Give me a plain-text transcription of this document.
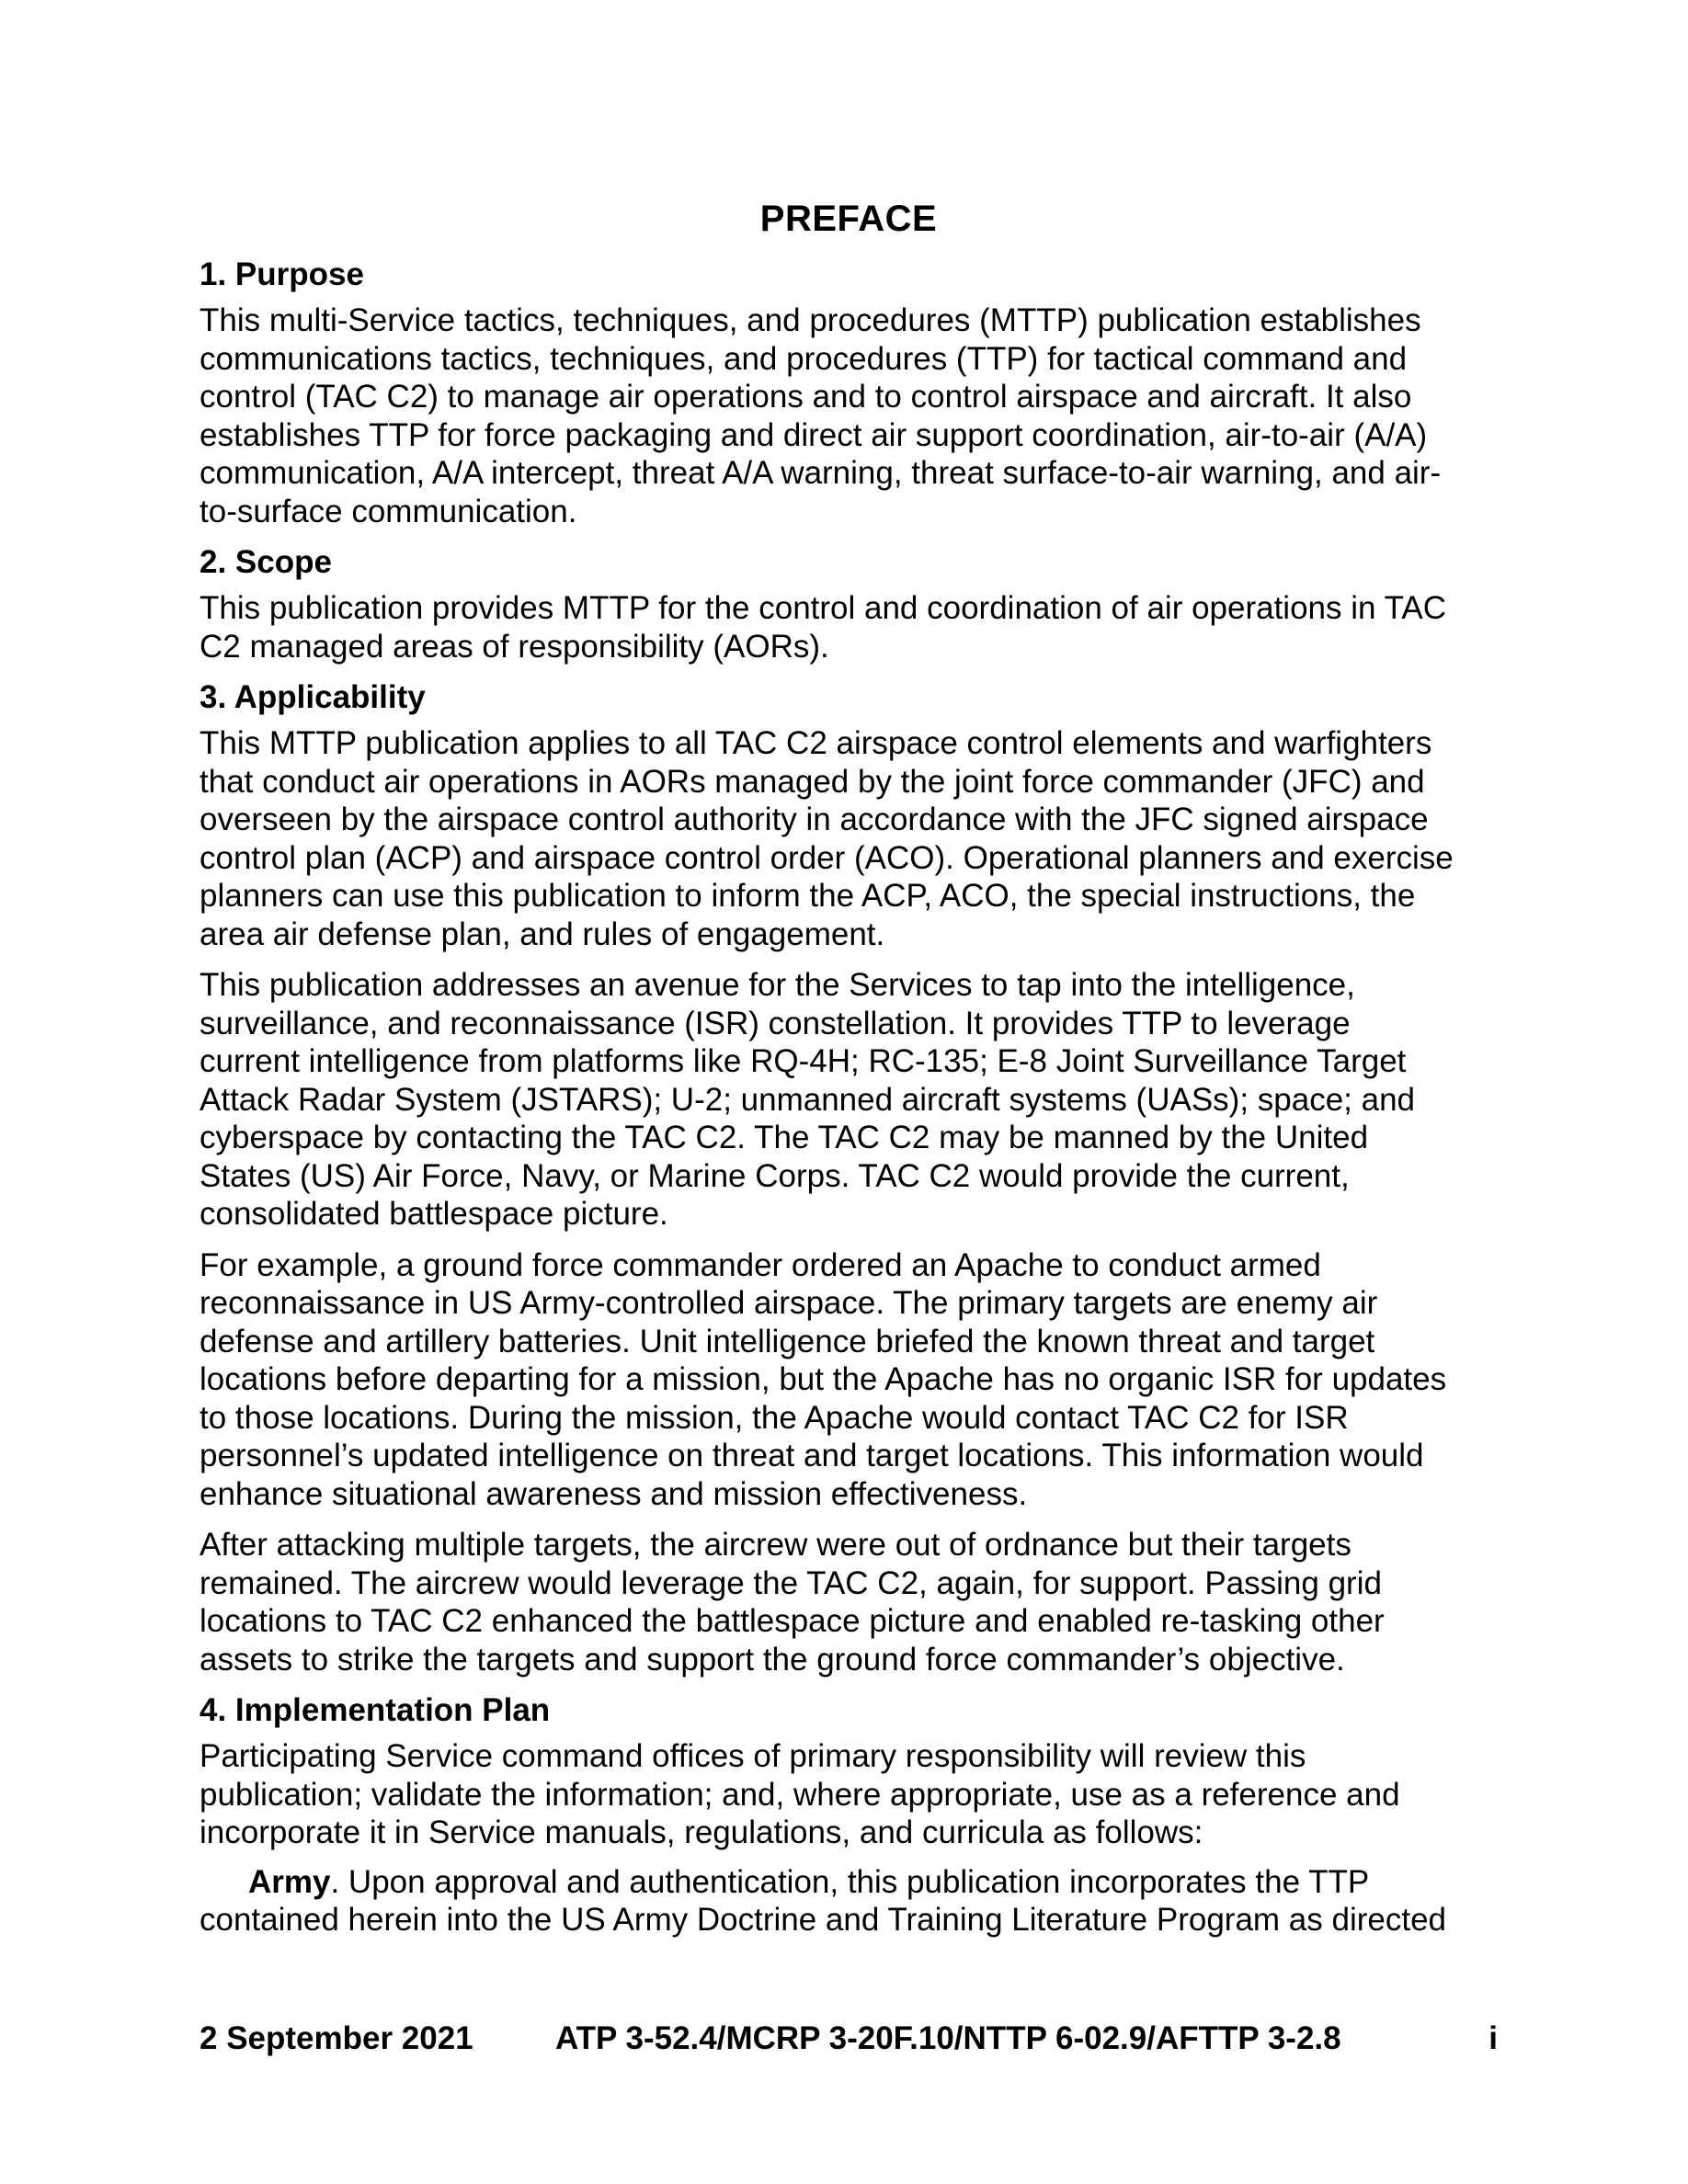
PREFACE
1. Purpose
This multi-Service tactics, techniques, and procedures (MTTP) publication establishes
communications tactics, techniques, and procedures (TTP) for tactical command and
control (TAC C2) to manage air operations and to control airspace and aircraft. It also
establishes TTP for force packaging and direct air support coordination, air-to-air (A/A)
communication, A/A intercept, threat A/A warning, threat surface-to-air warning, and air-
to-surface communication.
2. Scope
This publication provides MTTP for the control and coordination of air operations in TAC
C2 managed areas of responsibility (AORs).
3. Applicability
This MTTP publication applies to all TAC C2 airspace control elements and warfighters
that conduct air operations in AORs managed by the joint force commander (JFC) and
overseen by the airspace control authority in accordance with the JFC signed airspace
control plan (ACP) and airspace control order (ACO). Operational planners and exercise
planners can use this publication to inform the ACP, ACO, the special instructions, the
area air defense plan, and rules of engagement.
This publication addresses an avenue for the Services to tap into the intelligence,
surveillance, and reconnaissance (ISR) constellation. It provides TTP to leverage
current intelligence from platforms like RQ-4H; RC-135; E-8 Joint Surveillance Target
Attack Radar System (JSTARS); U-2; unmanned aircraft systems (UASs); space; and
cyberspace by contacting the TAC C2. The TAC C2 may be manned by the United
States (US) Air Force, Navy, or Marine Corps. TAC C2 would provide the current,
consolidated battlespace picture.
For example, a ground force commander ordered an Apache to conduct armed
reconnaissance in US Army-controlled airspace. The primary targets are enemy air
defense and artillery batteries. Unit intelligence briefed the known threat and target
locations before departing for a mission, but the Apache has no organic ISR for updates
to those locations. During the mission, the Apache would contact TAC C2 for ISR
personnel’s updated intelligence on threat and target locations. This information would
enhance situational awareness and mission effectiveness.
After attacking multiple targets, the aircrew were out of ordnance but their targets
remained. The aircrew would leverage the TAC C2, again, for support. Passing grid
locations to TAC C2 enhanced the battlespace picture and enabled re-tasking other
assets to strike the targets and support the ground force commander’s objective.
4. Implementation Plan
Participating Service command offices of primary responsibility will review this
publication; validate the information; and, where appropriate, use as a reference and
incorporate it in Service manuals, regulations, and curricula as follows:
Army. Upon approval and authentication, this publication incorporates the TTP
contained herein into the US Army Doctrine and Training Literature Program as directed
2 September 2021	ATP 3-52.4/MCRP 3-20F.10/NTTP 6-02.9/AFTTP 3-2.8	i
